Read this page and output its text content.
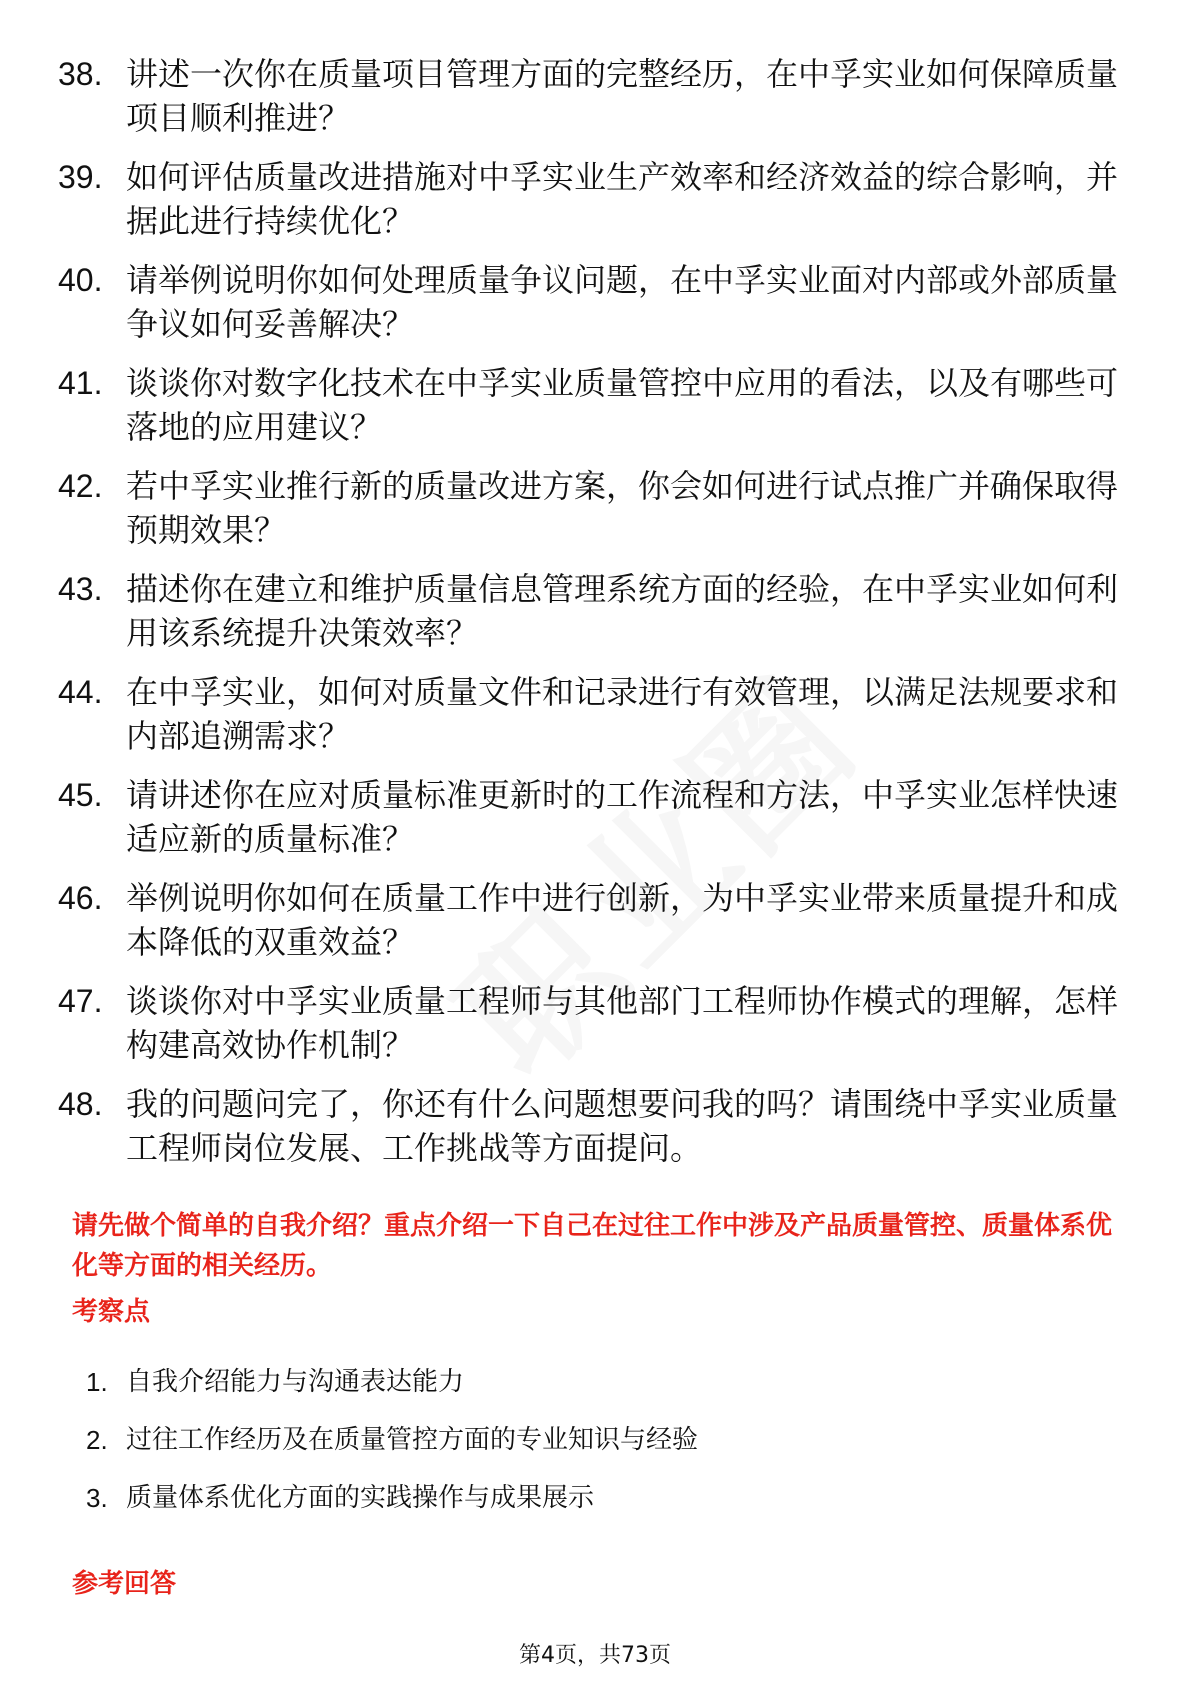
38. 讲述一次你在质量项目管理方面的完整经历，在中孚实业如何保障质量项目顺利推进？
39. 如何评估质量改进措施对中孚实业生产效率和经济效益的综合影响，并据此进行持续优化？
40. 请举例说明你如何处理质量争议问题，在中孚实业面对内部或外部质量争议如何妥善解决？
41. 谈谈你对数字化技术在中孚实业质量管控中应用的看法，以及有哪些可落地的应用建议？
42. 若中孚实业推行新的质量改进方案，你会如何进行试点推广并确保取得预期效果？
43. 描述你在建立和维护质量信息管理系统方面的经验，在中孚实业如何利用该系统提升决策效率？
44. 在中孚实业，如何对质量文件和记录进行有效管理，以满足法规要求和内部追溯需求？
45. 请讲述你在应对质量标准更新时的工作流程和方法，中孚实业怎样快速适应新的质量标准？
46. 举例说明你如何在质量工作中进行创新，为中孚实业带来质量提升和成本降低的双重效益？
47. 谈谈你对中孚实业质量工程师与其他部门工程师协作模式的理解，怎样构建高效协作机制？
48. 我的问题问完了，你还有什么问题想要问我的吗？请围绕中孚实业质量工程师岗位发展、工作挑战等方面提问。
请先做个简单的自我介绍？重点介绍一下自己在过往工作中涉及产品质量管控、质量体系优化等方面的相关经历。
考察点
1. 自我介绍能力与沟通表达能力
2. 过往工作经历及在质量管控方面的专业知识与经验
3. 质量体系优化方面的实践操作与成果展示
参考回答
第4页，共73页
